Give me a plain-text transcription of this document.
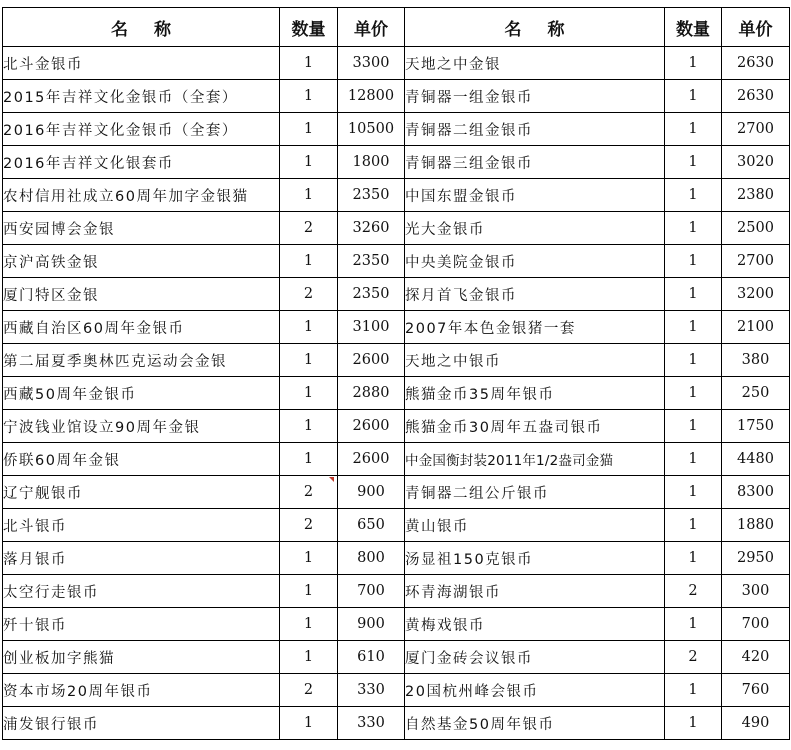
名 称	数量	单价	名 称	数量	单价
北斗金银币	1	3300	天地之中金银	1	2630
2015年吉祥文化金银币（全套）	1	12800	青铜器一组金银币	1	2630
2016年吉祥文化金银币（全套）	1	10500	青铜器二组金银币	1	2700
2016年吉祥文化银套币	1	1800	青铜器三组金银币	1	3020
农村信用社成立60周年加字金银猫	1	2350	中国东盟金银币	1	2380
西安园博会金银	2	3260	光大金银币	1	2500
京沪高铁金银	1	2350	中央美院金银币	1	2700
厦门特区金银	2	2350	探月首飞金银币	1	3200
西藏自治区60周年金银币	1	3100	2007年本色金银猪一套	1	2100
第二届夏季奥林匹克运动会金银	1	2600	天地之中银币	1	380
西藏50周年金银币	1	2880	熊猫金币35周年银币	1	250
宁波钱业馆设立90周年金银	1	2600	熊猫金币30周年五盎司银币	1	1750
侨联60周年金银	1	2600	中金国衡封装2011年1/2盎司金猫	1	4480
辽宁舰银币	2	900	青铜器二组公斤银币	1	8300
北斗银币	2	650	黄山银币	1	1880
落月银币	1	800	汤显祖150克银币	1	2950
太空行走银币	1	700	环青海湖银币	2	300
歼十银币	1	900	黄梅戏银币	1	700
创业板加字熊猫	1	610	厦门金砖会议银币	2	420
资本市场20周年银币	2	330	20国杭州峰会银币	1	760
浦发银行银币	1	330	自然基金50周年银币	1	490
